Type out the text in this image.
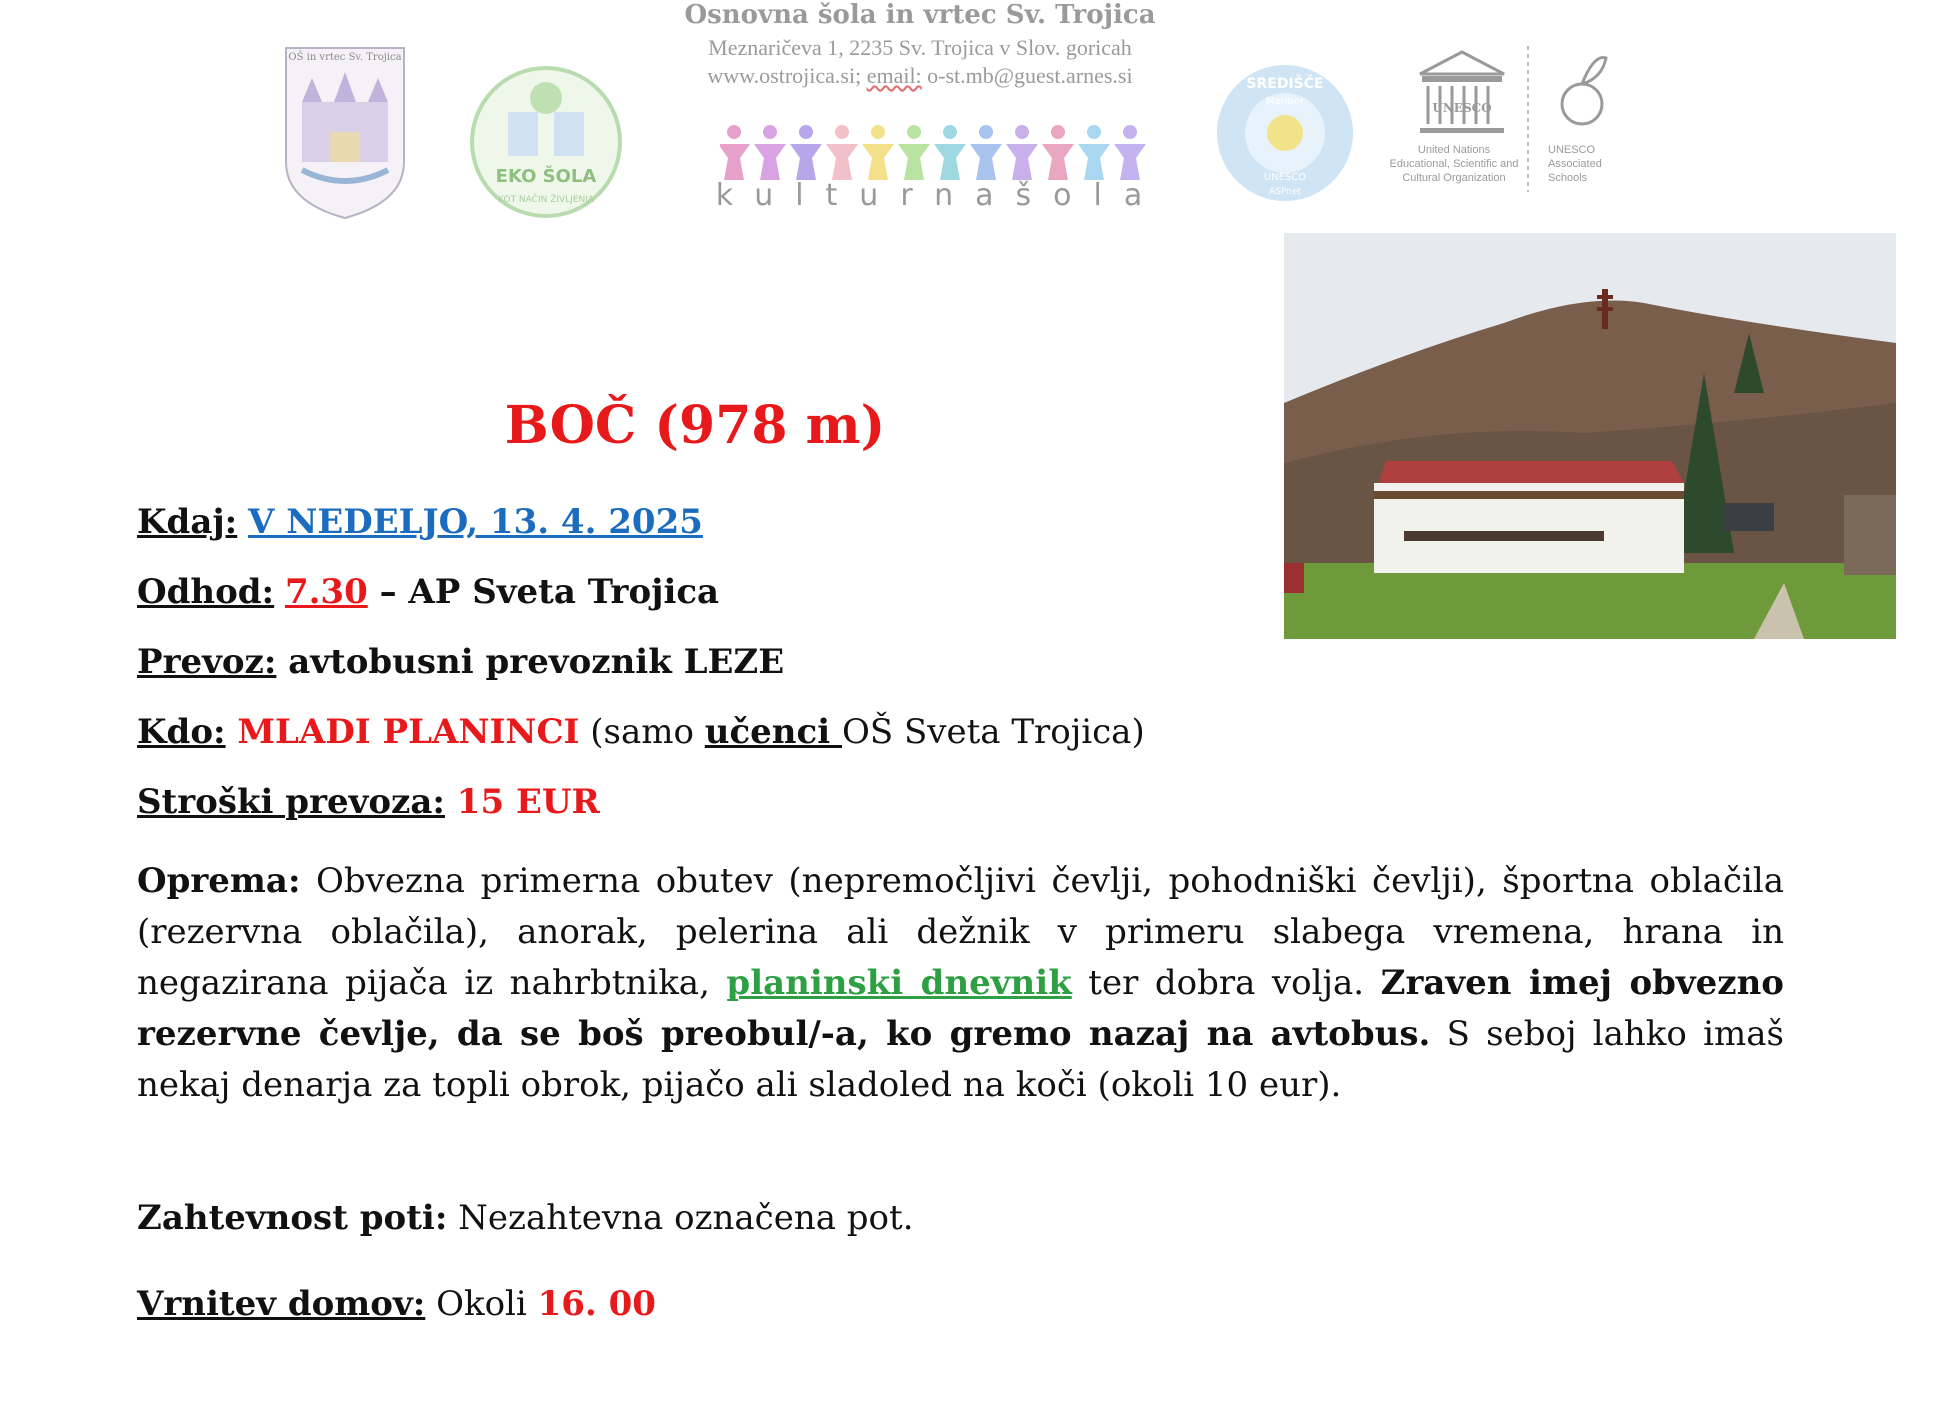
OŠ in vrtec Sv. Trojica
EKO ŠOLA
KOT NAČIN ŽIVLJENJA
Osnovna šola in vrtec Sv. Trojica
Meznaričeva 1, 2235 Sv. Trojica v Slov. goricah
www.ostrojica.si; email: o-st.mb@guest.arnes.si
kulturnašola
SREDIŠČE
Maribor
UNESCO
ASPnet
UNESCO
United Nations
Educational, Scientific and
Cultural Organization
UNESCO
Associated
Schools
BOČ (978 m)
Kdaj: V NEDELJO, 13. 4. 2025
Odhod: 7.30 – AP Sveta Trojica
Prevoz: avtobusni prevoznik LEZE
Kdo: MLADI PLANINCI (samo učenci OŠ Sveta Trojica)
Stroški prevoza: 15 EUR
Oprema: Obvezna primerna obutev (nepremočljivi čevlji, pohodniški čevlji), športna oblačila (rezervna oblačila), anorak, pelerina ali dežnik v primeru slabega vremena, hrana in negazirana pijača iz nahrbtnika, planinski dnevnik ter dobra volja. Zraven imej obvezno rezervne čevlje, da se boš preobul/-a, ko gremo nazaj na avtobus. S seboj lahko imaš nekaj denarja za topli obrok, pijačo ali sladoled na koči (okoli 10 eur).
Zahtevnost poti: Nezahtevna označena pot.
Vrnitev domov: Okoli 16. 00
